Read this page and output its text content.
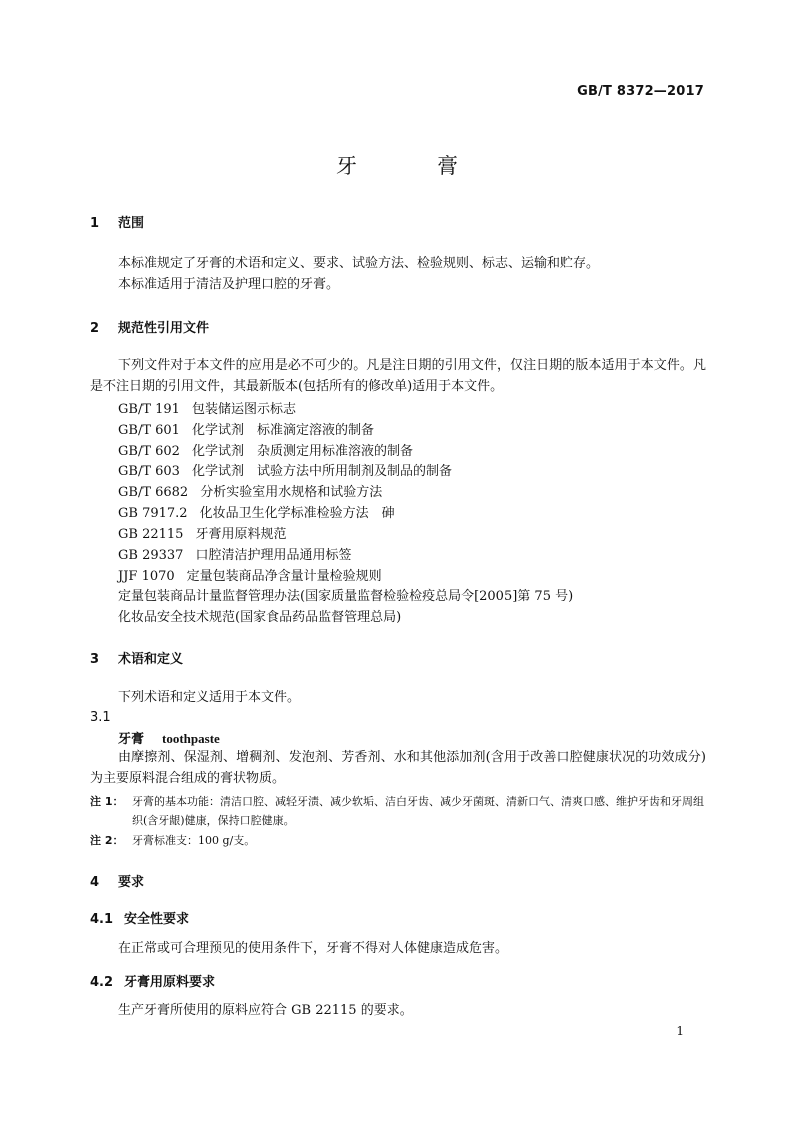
GB/T 8372—2017
牙膏
1 范围
本标准规定了牙膏的术语和定义、要求、试验方法、检验规则、标志、运输和贮存。
本标准适用于清洁及护理口腔的牙膏。
2 规范性引用文件
下列文件对于本文件的应用是必不可少的。凡是注日期的引用文件，仅注日期的版本适用于本文件。凡是不注日期的引用文件，其最新版本(包括所有的修改单)适用于本文件。
GB/T 191 包装储运图示标志
GB/T 601 化学试剂　标准滴定溶液的制备
GB/T 602 化学试剂　杂质测定用标准溶液的制备
GB/T 603 化学试剂　试验方法中所用制剂及制品的制备
GB/T 6682 分析实验室用水规格和试验方法
GB 7917.2 化妆品卫生化学标准检验方法　砷
GB 22115 牙膏用原料规范
GB 29337 口腔清洁护理用品通用标签
JJF 1070 定量包装商品净含量计量检验规则
定量包装商品计量监督管理办法(国家质量监督检验检疫总局令[2005]第 75 号)
化妆品安全技术规范(国家食品药品监督管理总局)
3 术语和定义
下列术语和定义适用于本文件。
3.1
牙膏 toothpaste
由摩擦剂、保湿剂、增稠剂、发泡剂、芳香剂、水和其他添加剂(含用于改善口腔健康状况的功效成分)为主要原料混合组成的膏状物质。
注 1： 牙膏的基本功能：清洁口腔、减轻牙渍、减少软垢、洁白牙齿、减少牙菌斑、清新口气、清爽口感、维护牙齿和牙周组织(含牙龈)健康，保持口腔健康。
注 2： 牙膏标准支：100 g/支。
4 要求
4.1 安全性要求
在正常或可合理预见的使用条件下，牙膏不得对人体健康造成危害。
4.2 牙膏用原料要求
生产牙膏所使用的原料应符合 GB 22115 的要求。
1
